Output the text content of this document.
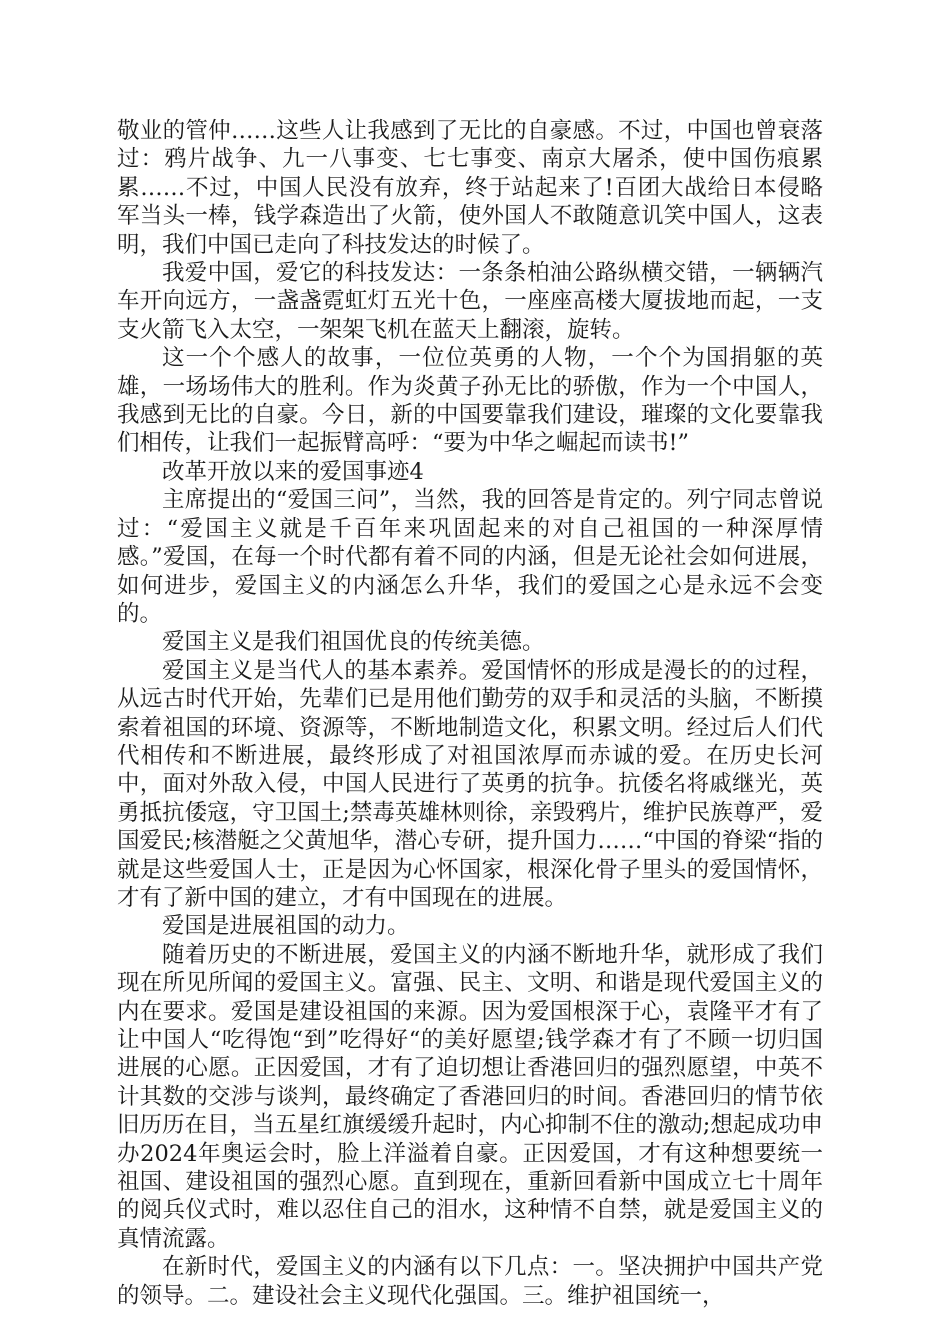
敬业的管仲……这些人让我感到了无比的自豪感。不过，中国也曾衰落过：鸦片战争、九一八事变、七七事变、南京大屠杀，使中国伤痕累累……不过，中国人民没有放弃，终于站起来了!百团大战给日本侵略军当头一棒，钱学森造出了火箭，使外国人不敢随意讥笑中国人，这表明，我们中国已走向了科技发达的时候了。

我爱中国，爱它的科技发达：一条条柏油公路纵横交错，一辆辆汽车开向远方，一盏盏霓虹灯五光十色，一座座高楼大厦拔地而起，一支支火箭飞入太空，一架架飞机在蓝天上翻滚，旋转。

这一个个感人的故事，一位位英勇的人物，一个个为国捐躯的英雄，一场场伟大的胜利。作为炎黄子孙无比的骄傲，作为一个中国人，我感到无比的自豪。今日，新的中国要靠我们建设，璀璨的文化要靠我们相传，让我们一起振臂高呼：“要为中华之崛起而读书!”

改革开放以来的爱国事迹4

主席提出的“爱国三问”，当然，我的回答是肯定的。列宁同志曾说过：“爱国主义就是千百年来巩固起来的对自己祖国的一种深厚情感。”爱国，在每一个时代都有着不同的内涵，但是无论社会如何进展，如何进步，爱国主义的内涵怎么升华，我们的爱国之心是永远不会变的。

爱国主义是我们祖国优良的传统美德。

爱国主义是当代人的基本素养。爱国情怀的形成是漫长的的过程，从远古时代开始，先辈们已是用他们勤劳的双手和灵活的头脑，不断摸索着祖国的环境、资源等，不断地制造文化，积累文明。经过后人们代代相传和不断进展，最终形成了对祖国浓厚而赤诚的爱。在历史长河中，面对外敌入侵，中国人民进行了英勇的抗争。抗倭名将戚继光，英勇抵抗倭寇，守卫国土;禁毒英雄林则徐，亲毁鸦片，维护民族尊严，爱国爱民;核潜艇之父黄旭华，潜心专研，提升国力……“中国的脊梁“指的就是这些爱国人士，正是因为心怀国家，根深化骨子里头的爱国情怀，才有了新中国的建立，才有中国现在的进展。

爱国是进展祖国的动力。

随着历史的不断进展，爱国主义的内涵不断地升华，就形成了我们现在所见所闻的爱国主义。富强、民主、文明、和谐是现代爱国主义的内在要求。爱国是建设祖国的来源。因为爱国根深于心，袁隆平才有了让中国人“吃得饱“到”吃得好“的美好愿望;钱学森才有了不顾一切归国进展的心愿。正因爱国，才有了迫切想让香港回归的强烈愿望，中英不计其数的交涉与谈判，最终确定了香港回归的时间。香港回归的情节依旧历历在目，当五星红旗缓缓升起时，内心抑制不住的激动;想起成功申办2024年奥运会时，脸上洋溢着自豪。正因爱国，才有这种想要统一祖国、建设祖国的强烈心愿。直到现在，重新回看新中国成立七十周年的阅兵仪式时，难以忍住自己的泪水，这种情不自禁，就是爱国主义的真情流露。

在新时代，爱国主义的内涵有以下几点：一。坚决拥护中国共产党的领导。二。建设社会主义现代化强国。三。维护祖国统一，
